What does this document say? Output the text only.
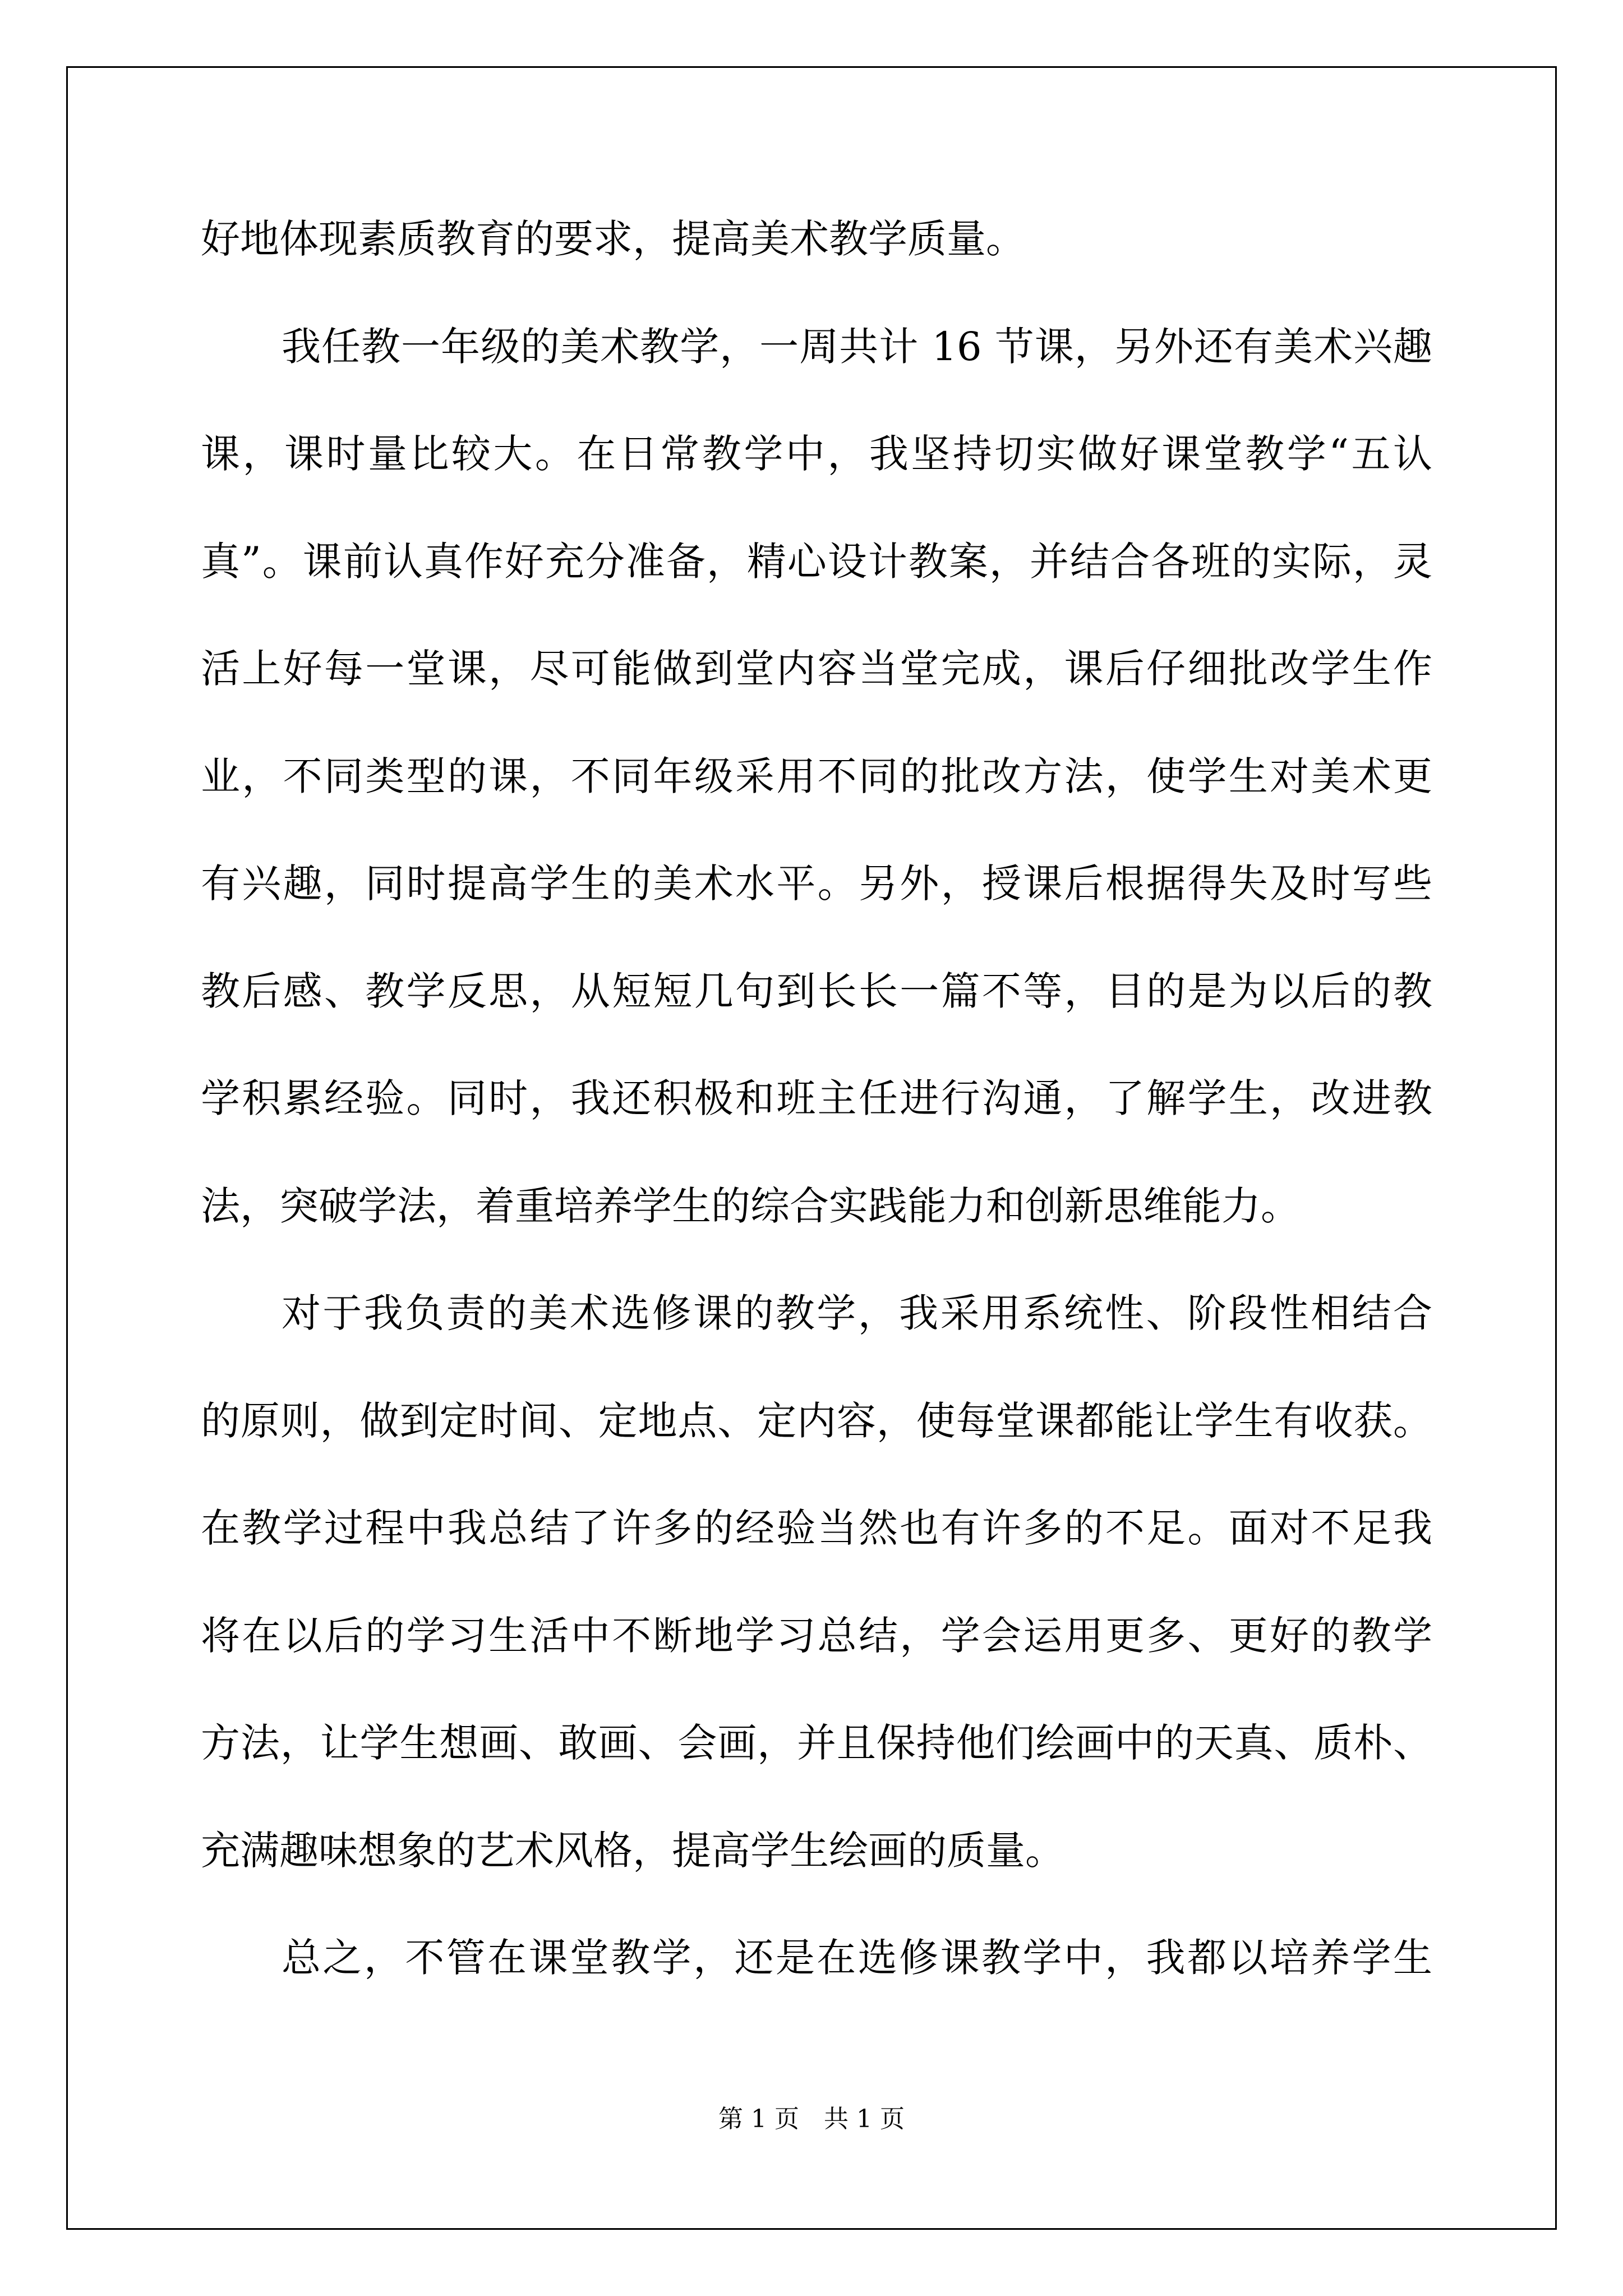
好地体现素质教育的要求，提高美术教学质量。
我任教一年级的美术教学，一周共计 16 节课，另外还有美术兴趣
课，课时量比较大。在日常教学中，我坚持切实做好课堂教学“五认
真”。课前认真作好充分准备，精心设计教案，并结合各班的实际，灵
活上好每一堂课，尽可能做到堂内容当堂完成，课后仔细批改学生作
业，不同类型的课，不同年级采用不同的批改方法，使学生对美术更
有兴趣，同时提高学生的美术水平。另外，授课后根据得失及时写些
教后感、教学反思，从短短几句到长长一篇不等，目的是为以后的教
学积累经验。同时，我还积极和班主任进行沟通，了解学生，改进教
法，突破学法，着重培养学生的综合实践能力和创新思维能力。
对于我负责的美术选修课的教学，我采用系统性、阶段性相结合
的原则，做到定时间、定地点、定内容，使每堂课都能让学生有收获。
在教学过程中我总结了许多的经验当然也有许多的不足。面对不足我
将在以后的学习生活中不断地学习总结，学会运用更多、更好的教学
方法，让学生想画、敢画、会画，并且保持他们绘画中的天真、质朴、
充满趣味想象的艺术风格，提高学生绘画的质量。
总之，不管在课堂教学，还是在选修课教学中，我都以培养学生
第 1 页　共 1 页
